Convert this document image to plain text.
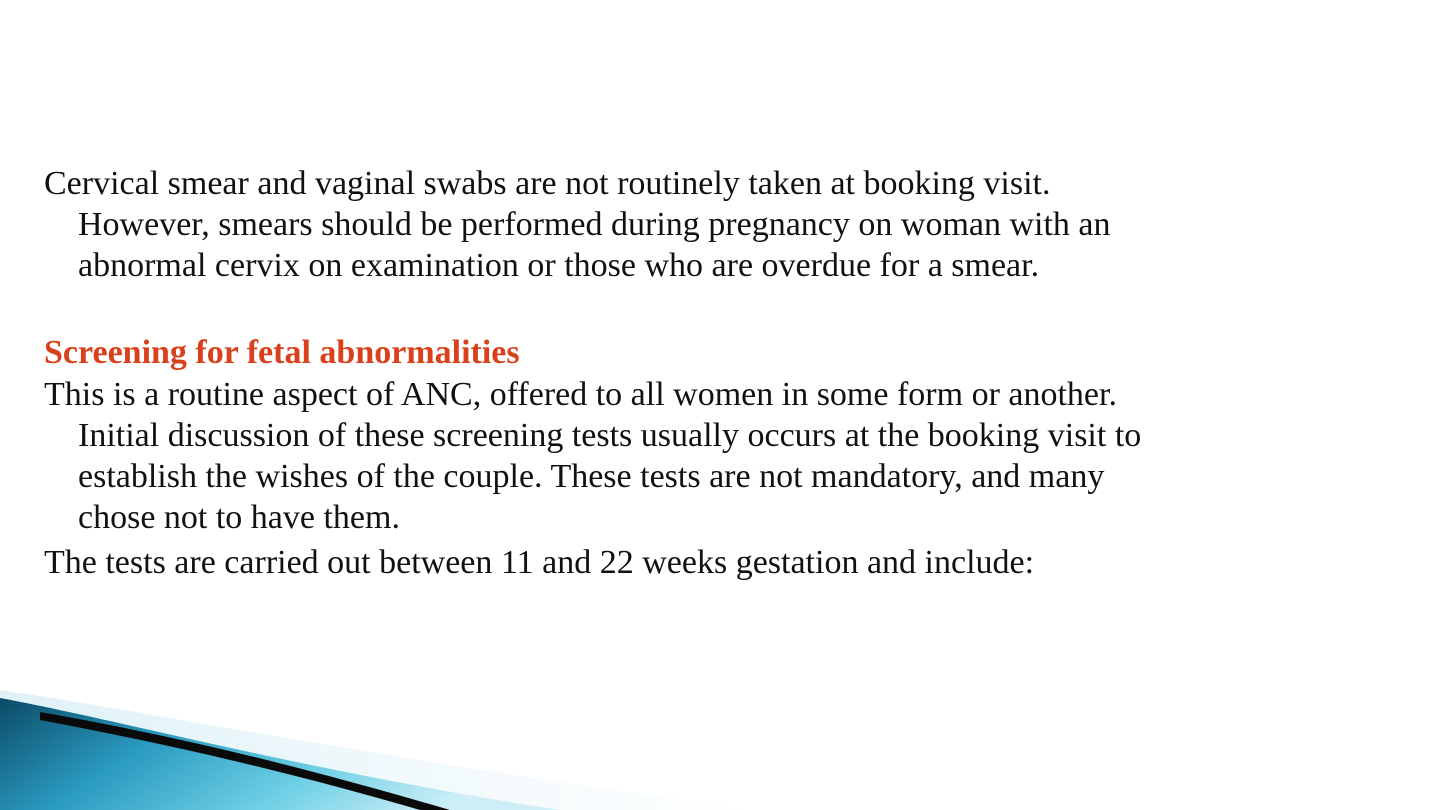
Cervical smear and vaginal swabs are not routinely taken at booking visit. However, smears should be performed during pregnancy on woman with an abnormal cervix on examination or those who are overdue for a smear.

Screening for fetal abnormalities

This is a routine aspect of ANC, offered to all women in some form or another. Initial discussion of these screening tests usually occurs at the booking visit to establish the wishes of the couple. These tests are not mandatory, and many chose not to have them.

The tests are carried out between 11 and 22 weeks gestation and include:
